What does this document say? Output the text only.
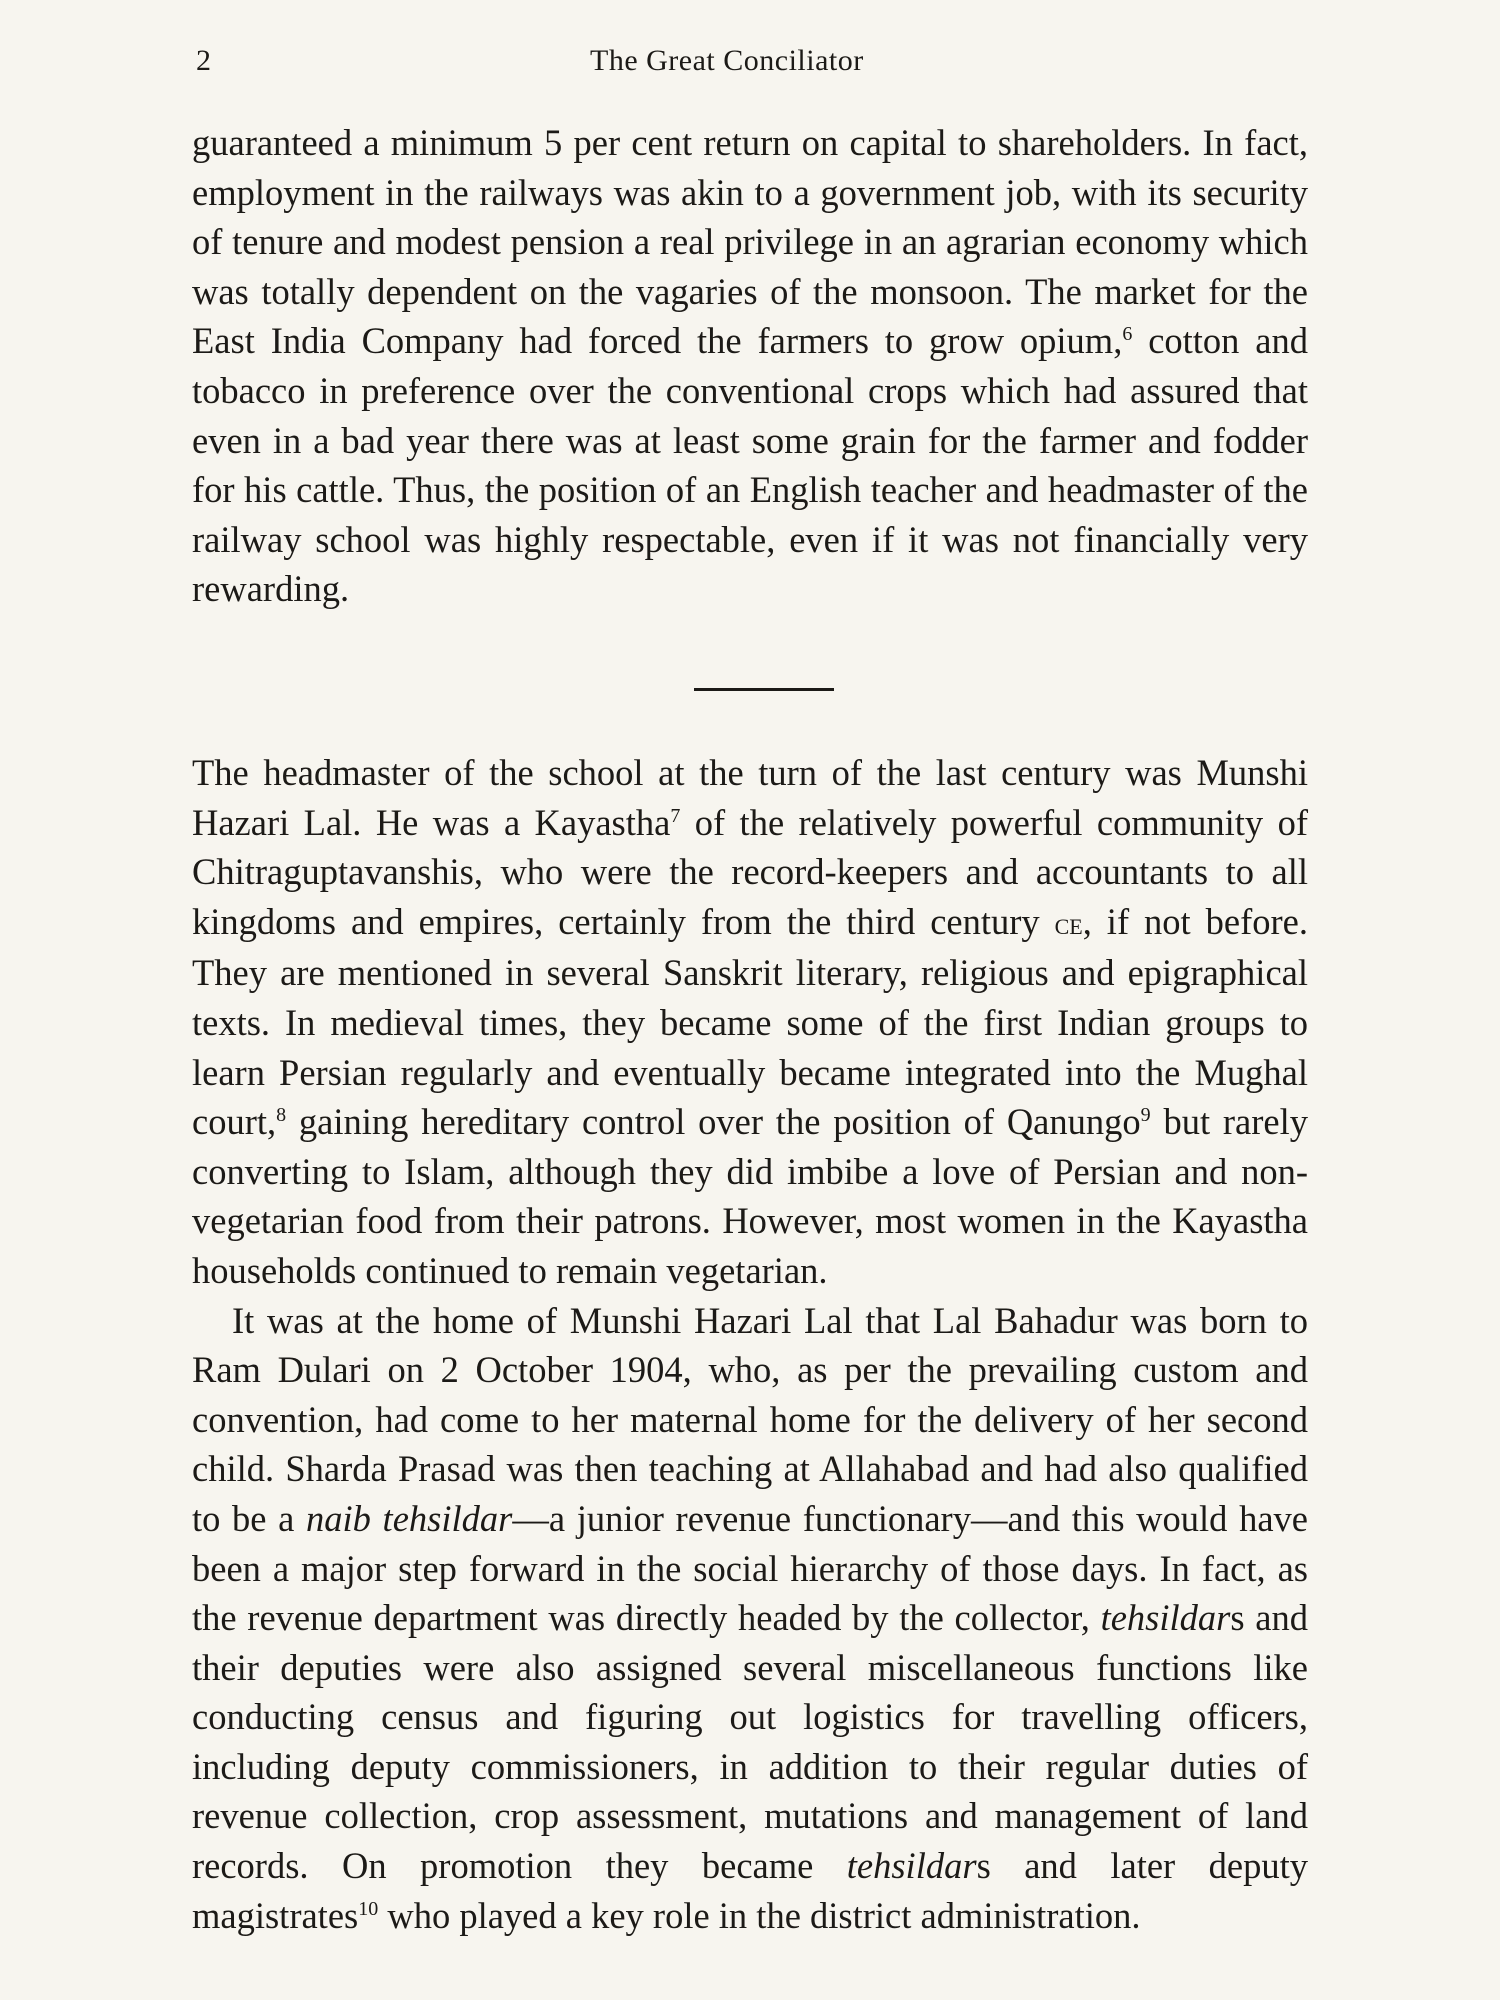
2	The Great Conciliator

guaranteed a minimum 5 per cent return on capital to shareholders. In fact, employment in the railways was akin to a government job, with its security of tenure and modest pension a real privilege in an agrarian economy which was totally dependent on the vagaries of the monsoon. The market for the East India Company had forced the farmers to grow opium,$^6$ cotton and tobacco in preference over the conventional crops which had assured that even in a bad year there was at least some grain for the farmer and fodder for his cattle. Thus, the position of an English teacher and headmaster of the railway school was highly respectable, even if it was not financially very rewarding.

The headmaster of the school at the turn of the last century was Munshi Hazari Lal. He was a Kayastha$^7$ of the relatively powerful community of Chitraguptavanshis, who were the record-keepers and accountants to all kingdoms and empires, certainly from the third century ce, if not before. They are mentioned in several Sanskrit literary, religious and epigraphical texts. In medieval times, they became some of the first Indian groups to learn Persian regularly and eventually became integrated into the Mughal court,$^8$ gaining hereditary control over the position of Qanungo$^9$ but rarely converting to Islam, although they did imbibe a love of Persian and non-vegetarian food from their patrons. However, most women in the Kayastha households continued to remain vegetarian.

It was at the home of Munshi Hazari Lal that Lal Bahadur was born to Ram Dulari on 2 October 1904, who, as per the prevailing custom and convention, had come to her maternal home for the delivery of her second child. Sharda Prasad was then teaching at Allahabad and had also qualified to be a naib tehsildar—a junior revenue functionary—and this would have been a major step forward in the social hierarchy of those days. In fact, as the revenue department was directly headed by the collector, tehsildars and their deputies were also assigned several miscellaneous functions like conducting census and figuring out logistics for travelling officers, including deputy commissioners, in addition to their regular duties of revenue collection, crop assessment, mutations and management of land records. On promotion they became tehsildars and later deputy magistrates$^{10}$ who played a key role in the district administration.
